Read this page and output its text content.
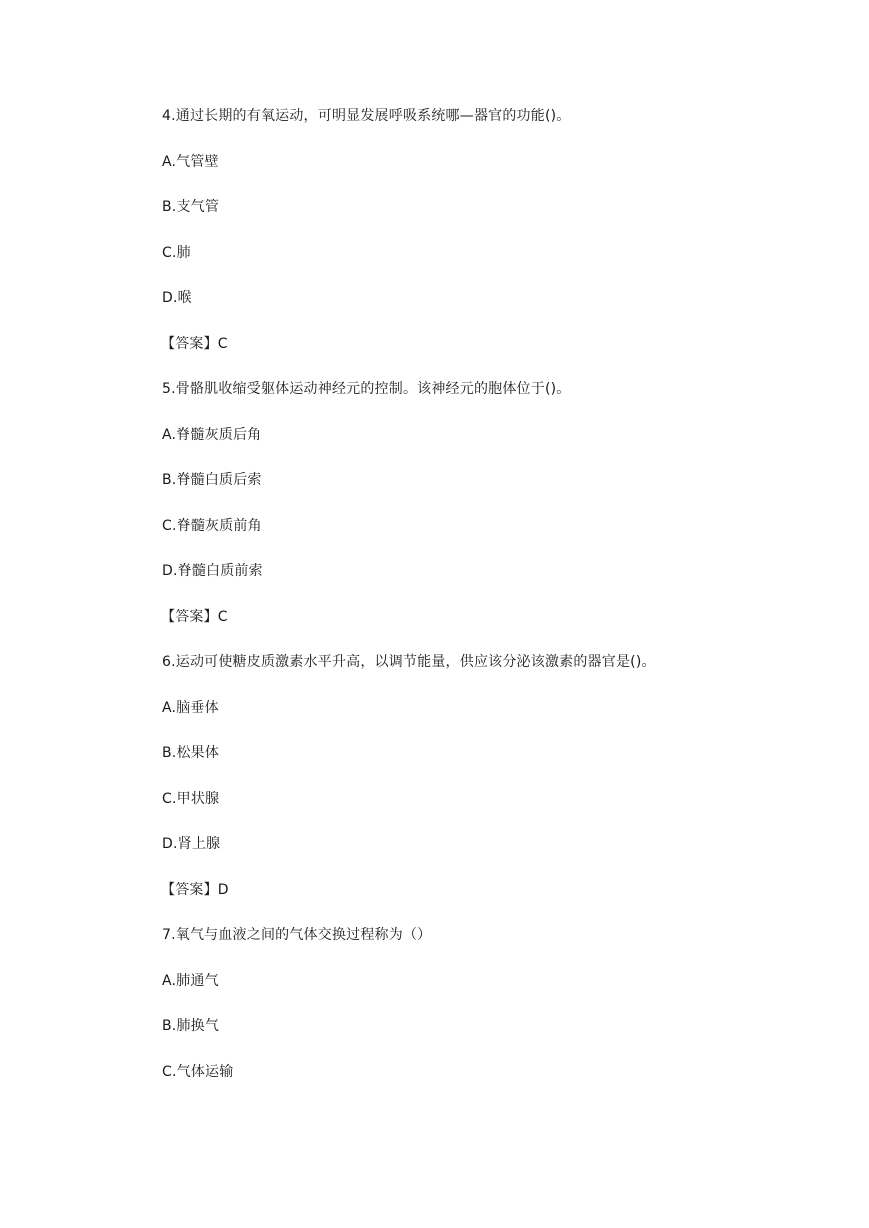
4.通过长期的有氧运动，可明显发展呼吸系统哪—器官的功能()。
A.气管壁
B.支气管
C.肺
D.喉
【答案】C
5.骨骼肌收缩受躯体运动神经元的控制。该神经元的胞体位于()。
A.脊髓灰质后角
B.脊髓白质后索
C.脊髓灰质前角
D.脊髓白质前索
【答案】C
6.运动可使糖皮质激素水平升高，以调节能量，供应该分泌该激素的器官是()。
A.脑垂体
B.松果体
C.甲状腺
D.肾上腺
【答案】D
7.氧气与血液之间的气体交换过程称为（）
A.肺通气
B.肺换气
C.气体运输
